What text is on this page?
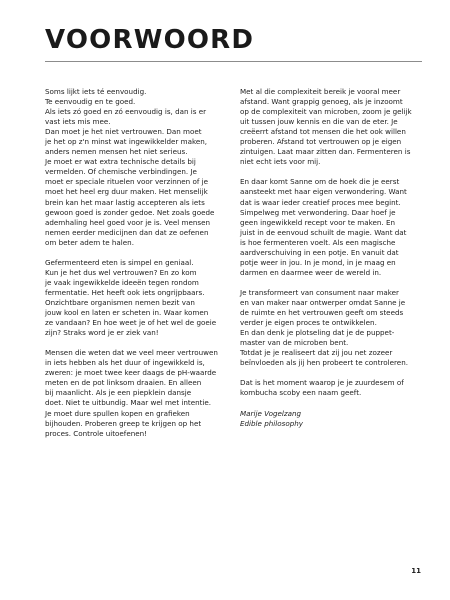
VOORWOORD

Soms lijkt iets té eenvoudig.
Te eenvoudig en te goed.
Als iets zó goed en zó eenvoudig is, dan is er
vast iets mis mee.
Dan moet je het niet vertrouwen. Dan moet
je het op z'n minst wat ingewikkelder maken,
anders nemen mensen het niet serieus.
Je moet er wat extra technische details bij
vermelden. Of chemische verbindingen. Je
moet er speciale rituelen voor verzinnen of je
moet het heel erg duur maken. Het menselijk
brein kan het maar lastig accepteren als iets
gewoon goed is zonder gedoe. Net zoals goede
ademhaling heel goed voor je is. Veel mensen
nemen eerder medicijnen dan dat ze oefenen
om beter adem te halen.

Gefermenteerd eten is simpel en geniaal.
Kun je het dus wel vertrouwen? En zo kom
je vaak ingewikkelde ideeën tegen rondom
fermentatie. Het heeft ook iets ongrijpbaars.
Onzichtbare organismen nemen bezit van
jouw kool en laten er scheten in. Waar komen
ze vandaan? En hoe weet je of het wel de goeie
zijn? Straks word je er ziek van!

Mensen die weten dat we veel meer vertrouwen
in iets hebben als het duur of ingewikkeld is,
zweren: je moet twee keer daags de pH-waarde
meten en de pot linksom draaien. En alleen
bij maanlicht. Als je een piepklein dansje
doet. Niet te uitbundig. Maar wel met intentie.
Je moet dure spullen kopen en grafieken
bijhouden. Proberen greep te krijgen op het
proces. Controle uitoefenen!

Met al die complexiteit bereik je vooral meer
afstand. Want grappig genoeg, als je inzoomt
op de complexiteit van microben, zoom je gelijk
uit tussen jouw kennis en die van de eter. Je
creëerrt afstand tot mensen die het ook willen
proberen. Afstand tot vertrouwen op je eigen
zintuigen. Laat maar zitten dan. Fermenteren is
niet echt iets voor mij.

En daar komt Sanne om de hoek die je eerst
aansteekt met haar eigen verwondering. Want
dat is waar ieder creatief proces mee begint.
Simpelweg met verwondering. Daar hoef je
geen ingewikkeld recept voor te maken. En
juist in de eenvoud schuilt de magie. Want dat
is hoe fermenteren voelt. Als een magische
aardverschuiving in een potje. En vanuit dat
potje weer in jou. In je mond, in je maag en
darmen en daarmee weer de wereld in.

Je transformeert van consument naar maker
en van maker naar ontwerper omdat Sanne je
de ruimte en het vertrouwen geeft om steeds
verder je eigen proces te ontwikkelen.
En dan denk je plotseling dat je de puppet-
master van de microben bent.
Totdat je je realiseert dat zij jou net zozeer
beïnvloeden als jij hen probeert te controleren.

Dat is het moment waarop je je zuurdesem of
kombucha scoby een naam geeft.

Marije Vogelzang
Edible philosophy
11
